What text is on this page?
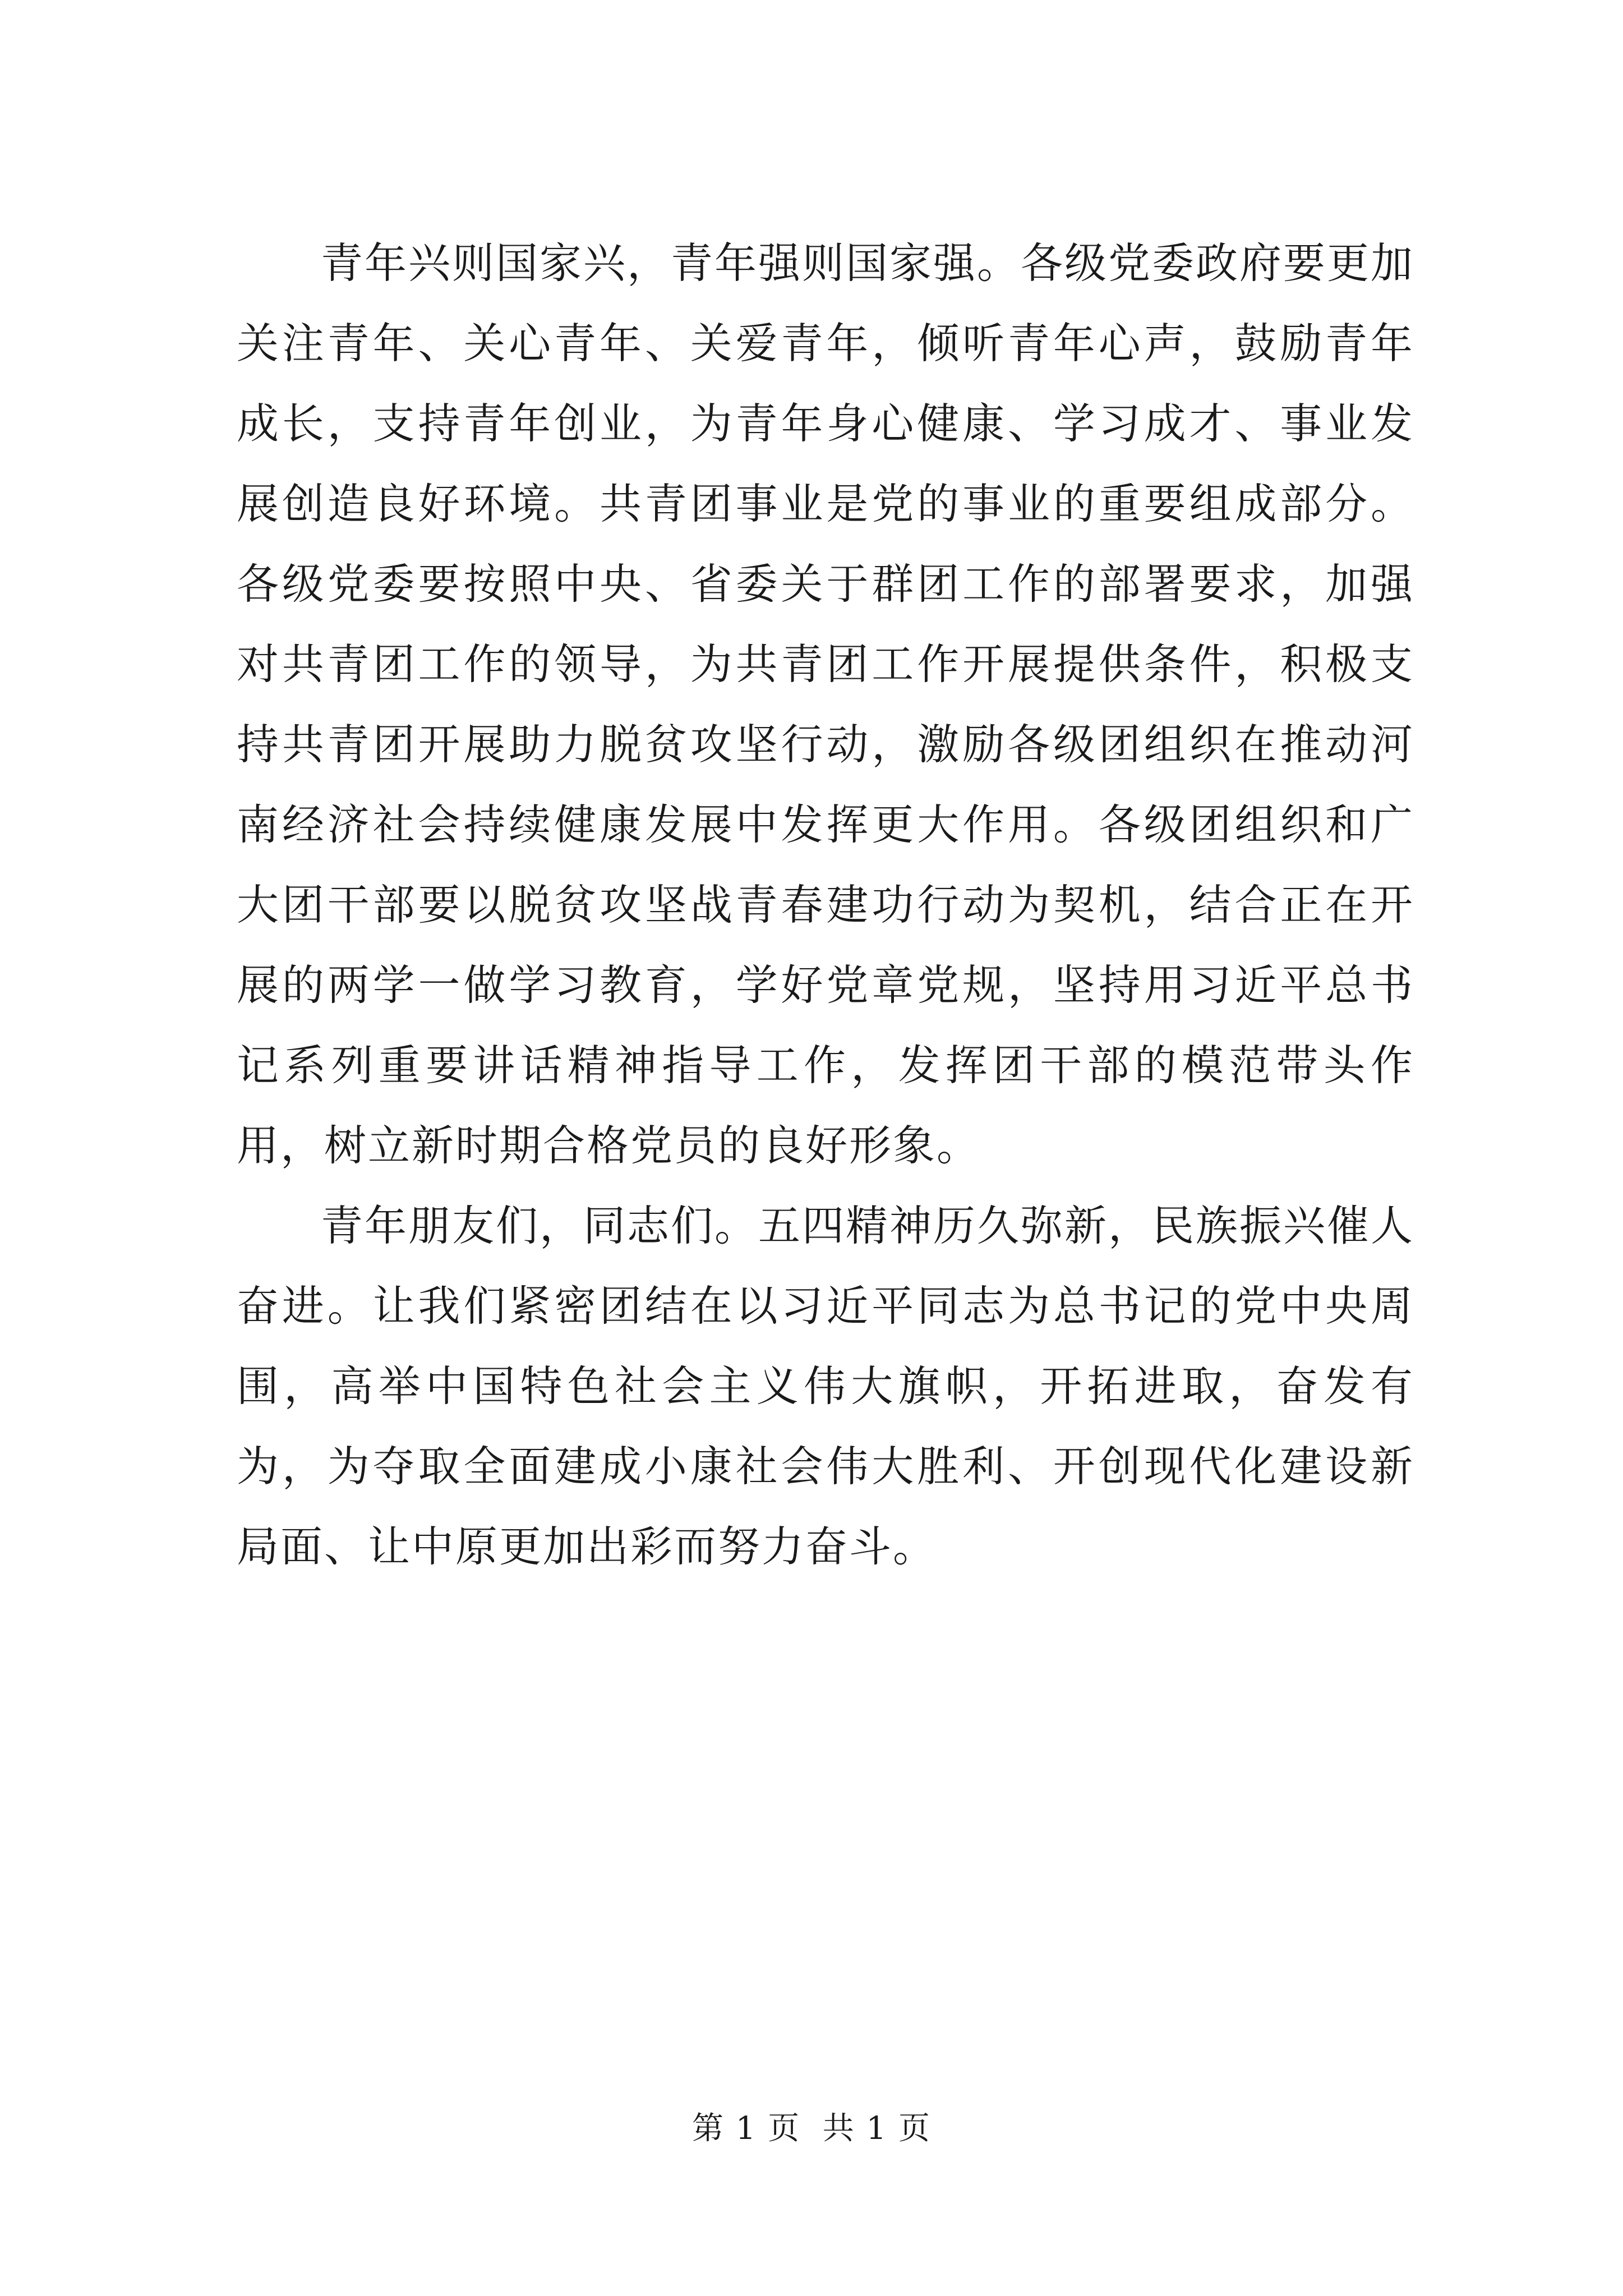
青年兴则国家兴，青年强则国家强。各级党委政府要更加关注青年、关心青年、关爱青年，倾听青年心声，鼓励青年成长，支持青年创业，为青年身心健康、学习成才、事业发展创造良好环境。共青团事业是党的事业的重要组成部分。各级党委要按照中央、省委关于群团工作的部署要求，加强对共青团工作的领导，为共青团工作开展提供条件，积极支持共青团开展助力脱贫攻坚行动，激励各级团组织在推动河南经济社会持续健康发展中发挥更大作用。各级团组织和广大团干部要以脱贫攻坚战青春建功行动为契机，结合正在开展的两学一做学习教育，学好党章党规，坚持用习近平总书记系列重要讲话精神指导工作，发挥团干部的模范带头作用，树立新时期合格党员的良好形象。

青年朋友们，同志们。五四精神历久弥新，民族振兴催人奋进。让我们紧密团结在以习近平同志为总书记的党中央周围，高举中国特色社会主义伟大旗帜，开拓进取，奋发有为，为夺取全面建成小康社会伟大胜利、开创现代化建设新局面、让中原更加出彩而努力奋斗。

第 1 页  共 1 页
